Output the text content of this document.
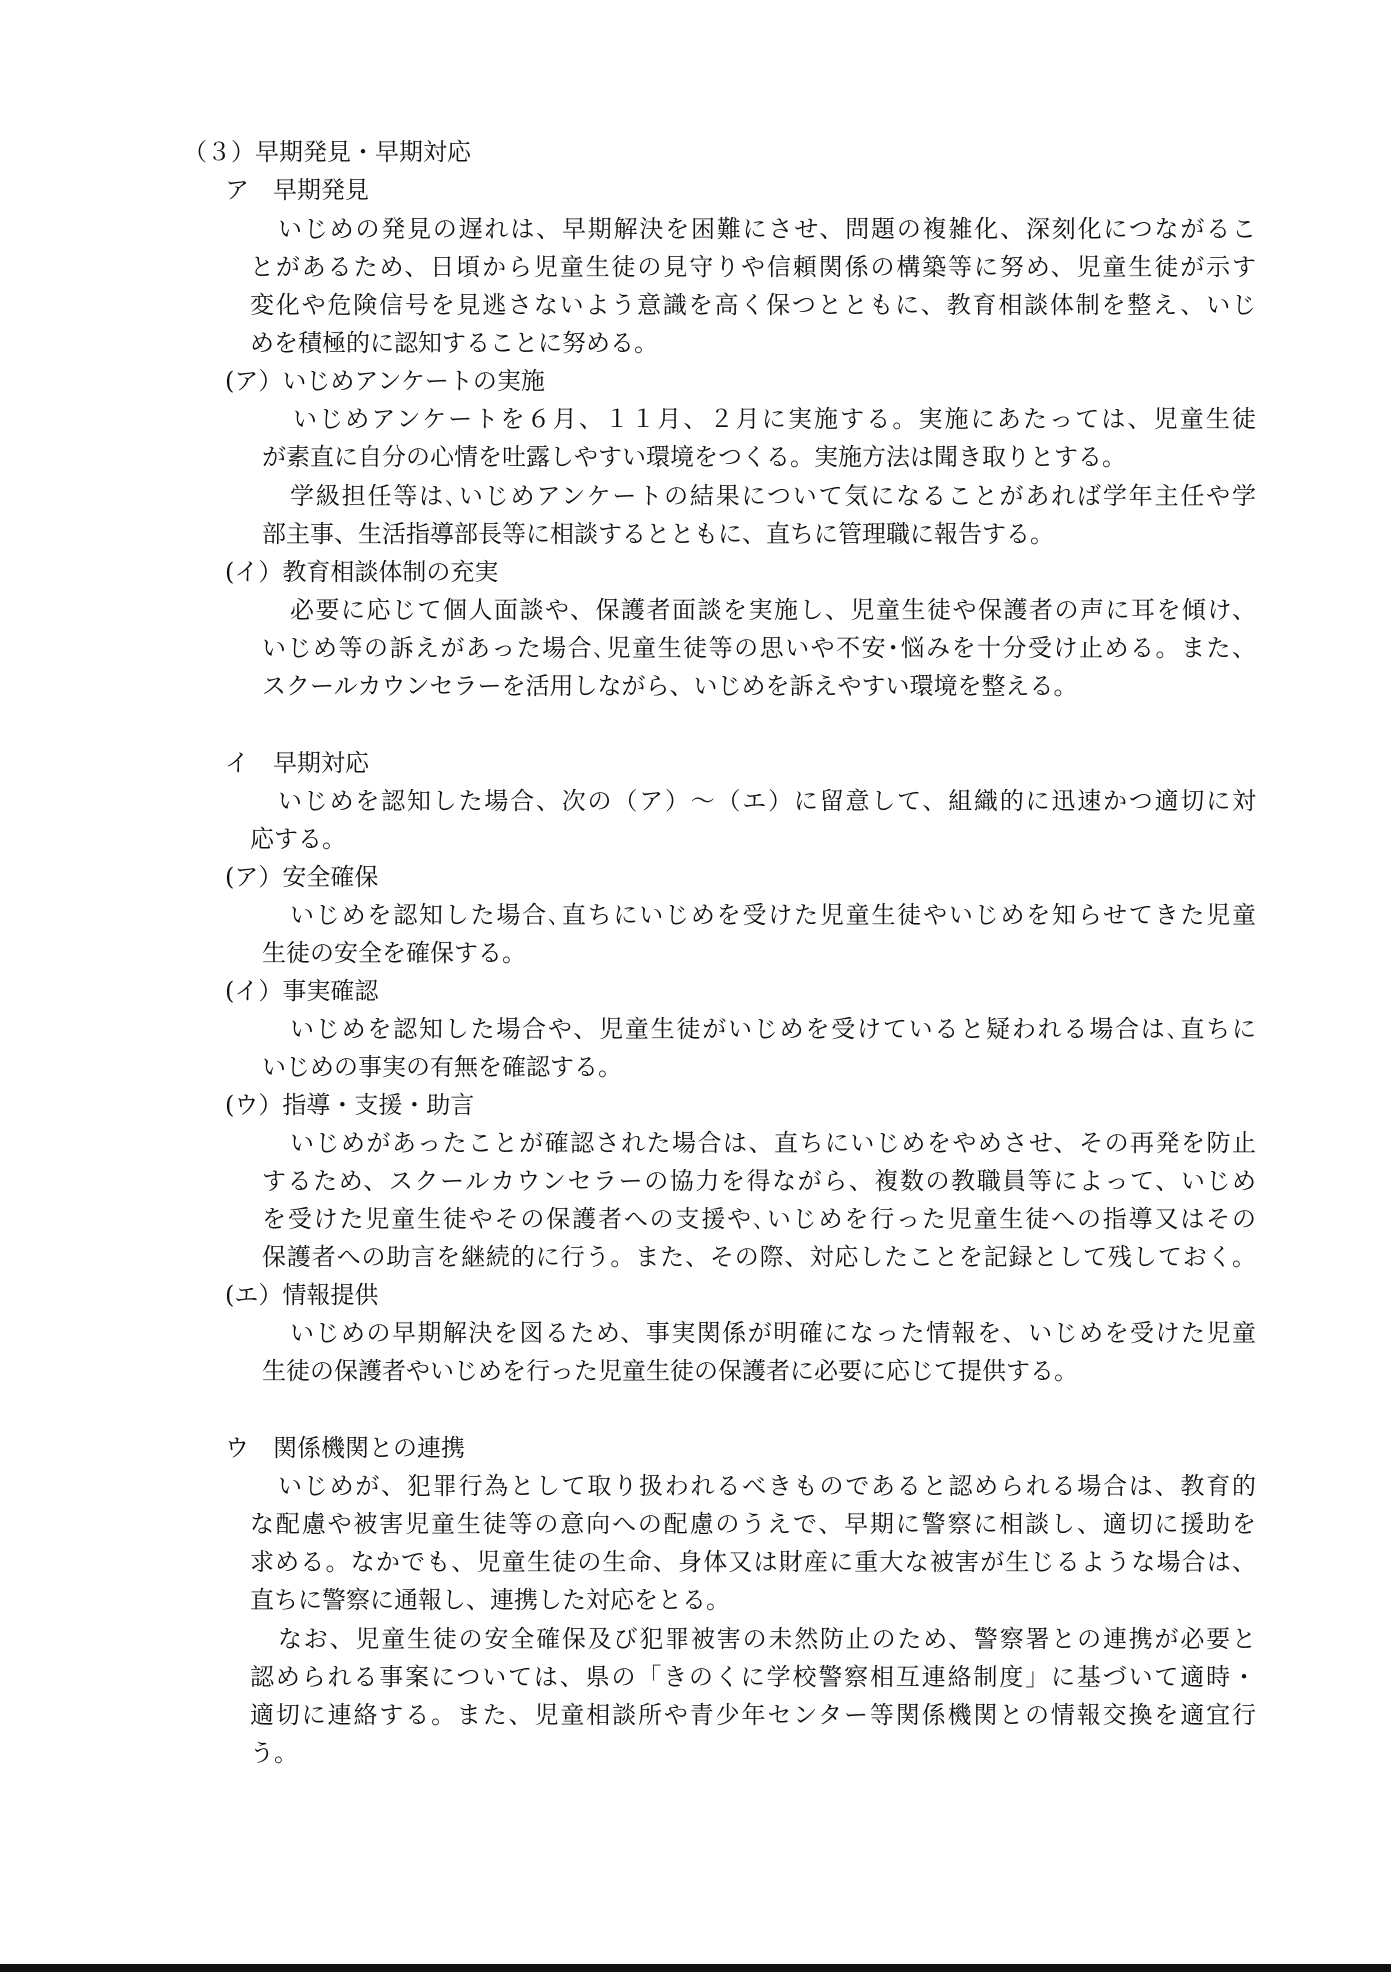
（３）早期発見・早期対応
ア　早期発見
いじめの発見の遅れは、早期解決を困難にさせ、問題の複雑化、深刻化につながるこ
とがあるため、日頃から児童生徒の見守りや信頼関係の構築等に努め、児童生徒が示す
変化や危険信号を見逃さないよう意識を高く保つとともに、教育相談体制を整え、いじ
めを積極的に認知することに努める。
(ア）いじめアンケートの実施
いじめアンケートを６月、１１月、２月に実施する。実施にあたっては、児童生徒
が素直に自分の心情を吐露しやすい環境をつくる。実施方法は聞き取りとする。
学級担任等は､いじめアンケートの結果について気になることがあれば学年主任や学
部主事、生活指導部長等に相談するとともに、直ちに管理職に報告する。
(イ）教育相談体制の充実
必要に応じて個人面談や、保護者面談を実施し、児童生徒や保護者の声に耳を傾け、
いじめ等の訴えがあった場合､児童生徒等の思いや不安･悩みを十分受け止める。また、
スクールカウンセラーを活用しながら、いじめを訴えやすい環境を整える。
イ　早期対応
いじめを認知した場合、次の（ア）～（エ）に留意して、組織的に迅速かつ適切に対
応する。
(ア）安全確保
いじめを認知した場合､直ちにいじめを受けた児童生徒やいじめを知らせてきた児童
生徒の安全を確保する。
(イ）事実確認
いじめを認知した場合や、児童生徒がいじめを受けていると疑われる場合は､直ちに
いじめの事実の有無を確認する。
(ウ）指導・支援・助言
いじめがあったことが確認された場合は、直ちにいじめをやめさせ、その再発を防止
するため、スクールカウンセラーの協力を得ながら、複数の教職員等によって、いじめ
を受けた児童生徒やその保護者への支援や､いじめを行った児童生徒への指導又はその
保護者への助言を継続的に行う。また、その際、対応したことを記録として残しておく。
(エ）情報提供
いじめの早期解決を図るため、事実関係が明確になった情報を、いじめを受けた児童
生徒の保護者やいじめを行った児童生徒の保護者に必要に応じて提供する。
ウ　関係機関との連携
いじめが、犯罪行為として取り扱われるべきものであると認められる場合は、教育的
な配慮や被害児童生徒等の意向への配慮のうえで、早期に警察に相談し、適切に援助を
求める。なかでも、児童生徒の生命、身体又は財産に重大な被害が生じるような場合は、
直ちに警察に通報し、連携した対応をとる。
なお、児童生徒の安全確保及び犯罪被害の未然防止のため、警察署との連携が必要と
認められる事案については、県の「きのくに学校警察相互連絡制度」に基づいて適時・
適切に連絡する。また、児童相談所や青少年センター等関係機関との情報交換を適宜行
う。
